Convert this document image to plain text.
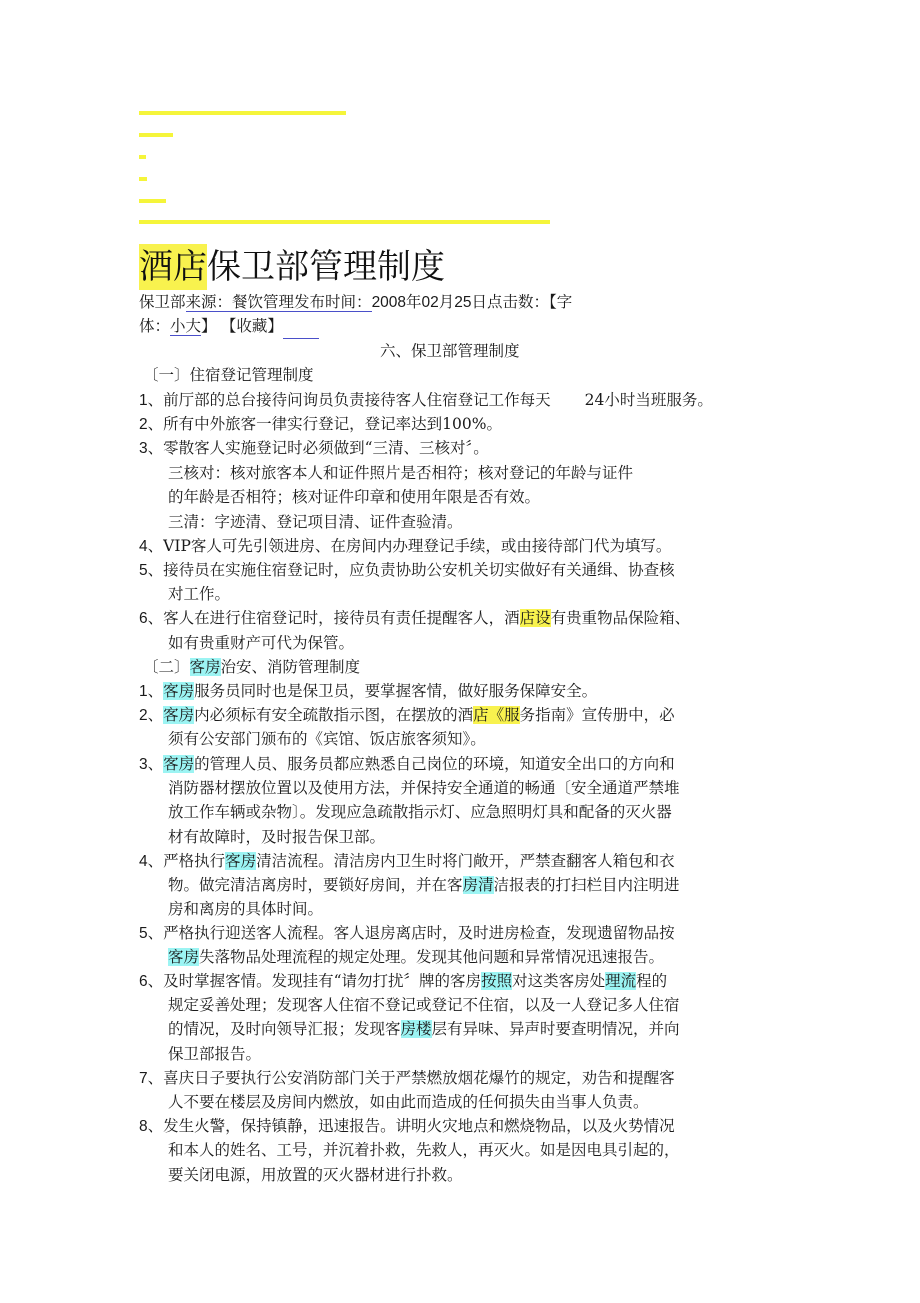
酒店保卫部管理制度
保卫部来源：餐饮管理发布时间：2008年02月25日点击数：【字
体：小大】 【收藏】
六、保卫部管理制度
〔一〕住宿登记管理制度
1、前厅部的总台接待问询员负责接待客人住宿登记工作每天 24小时当班服务。
2、所有中外旅客一律实行登记，登记率达到100%。
3、零散客人实施登记时必须做到“三清、三核对〞。
三核对：核对旅客本人和证件照片是否相符；核对登记的年龄与证件
的年龄是否相符；核对证件印章和使用年限是否有效。
三清：字迹清、登记项目清、证件查验清。
4、VIP客人可先引领进房、在房间内办理登记手续，或由接待部门代为填写。
5、接待员在实施住宿登记时，应负责协助公安机关切实做好有关通缉、协查核
对工作。
6、客人在进行住宿登记时，接待员有责任提醒客人，酒店设有贵重物品保险箱、
如有贵重财产可代为保管。
〔二〕客房治安、消防管理制度
1、客房服务员同时也是保卫员，要掌握客情，做好服务保障安全。
2、客房内必须标有安全疏散指示图，在摆放的酒店《服务指南》宣传册中，必
须有公安部门颁布的《宾馆、饭店旅客须知》。
3、客房的管理人员、服务员都应熟悉自己岗位的环境，知道安全出口的方向和
消防器材摆放位置以及使用方法，并保持安全通道的畅通〔安全通道严禁堆
放工作车辆或杂物〕。发现应急疏散指示灯、应急照明灯具和配备的灭火器
材有故障时，及时报告保卫部。
4、严格执行客房清洁流程。清洁房内卫生时将门敞开，严禁查翻客人箱包和衣
物。做完清洁离房时，要锁好房间，并在客房清洁报表的打扫栏目内注明进
房和离房的具体时间。
5、严格执行迎送客人流程。客人退房离店时，及时进房检查，发现遗留物品按
客房失落物品处理流程的规定处理。发现其他问题和异常情况迅速报告。
6、及时掌握客情。发现挂有“请勿打扰〞牌的客房按照对这类客房处理流程的
规定妥善处理；发现客人住宿不登记或登记不住宿，以及一人登记多人住宿
的情况，及时向领导汇报；发现客房楼层有异味、异声时要查明情况，并向
保卫部报告。
7、喜庆日子要执行公安消防部门关于严禁燃放烟花爆竹的规定，劝告和提醒客
人不要在楼层及房间内燃放，如由此而造成的任何损失由当事人负责。
8、发生火警，保持镇静，迅速报告。讲明火灾地点和燃烧物品，以及火势情况
和本人的姓名、工号，并沉着扑救，先救人，再灭火。如是因电具引起的，
要关闭电源，用放置的灭火器材进行扑救。
